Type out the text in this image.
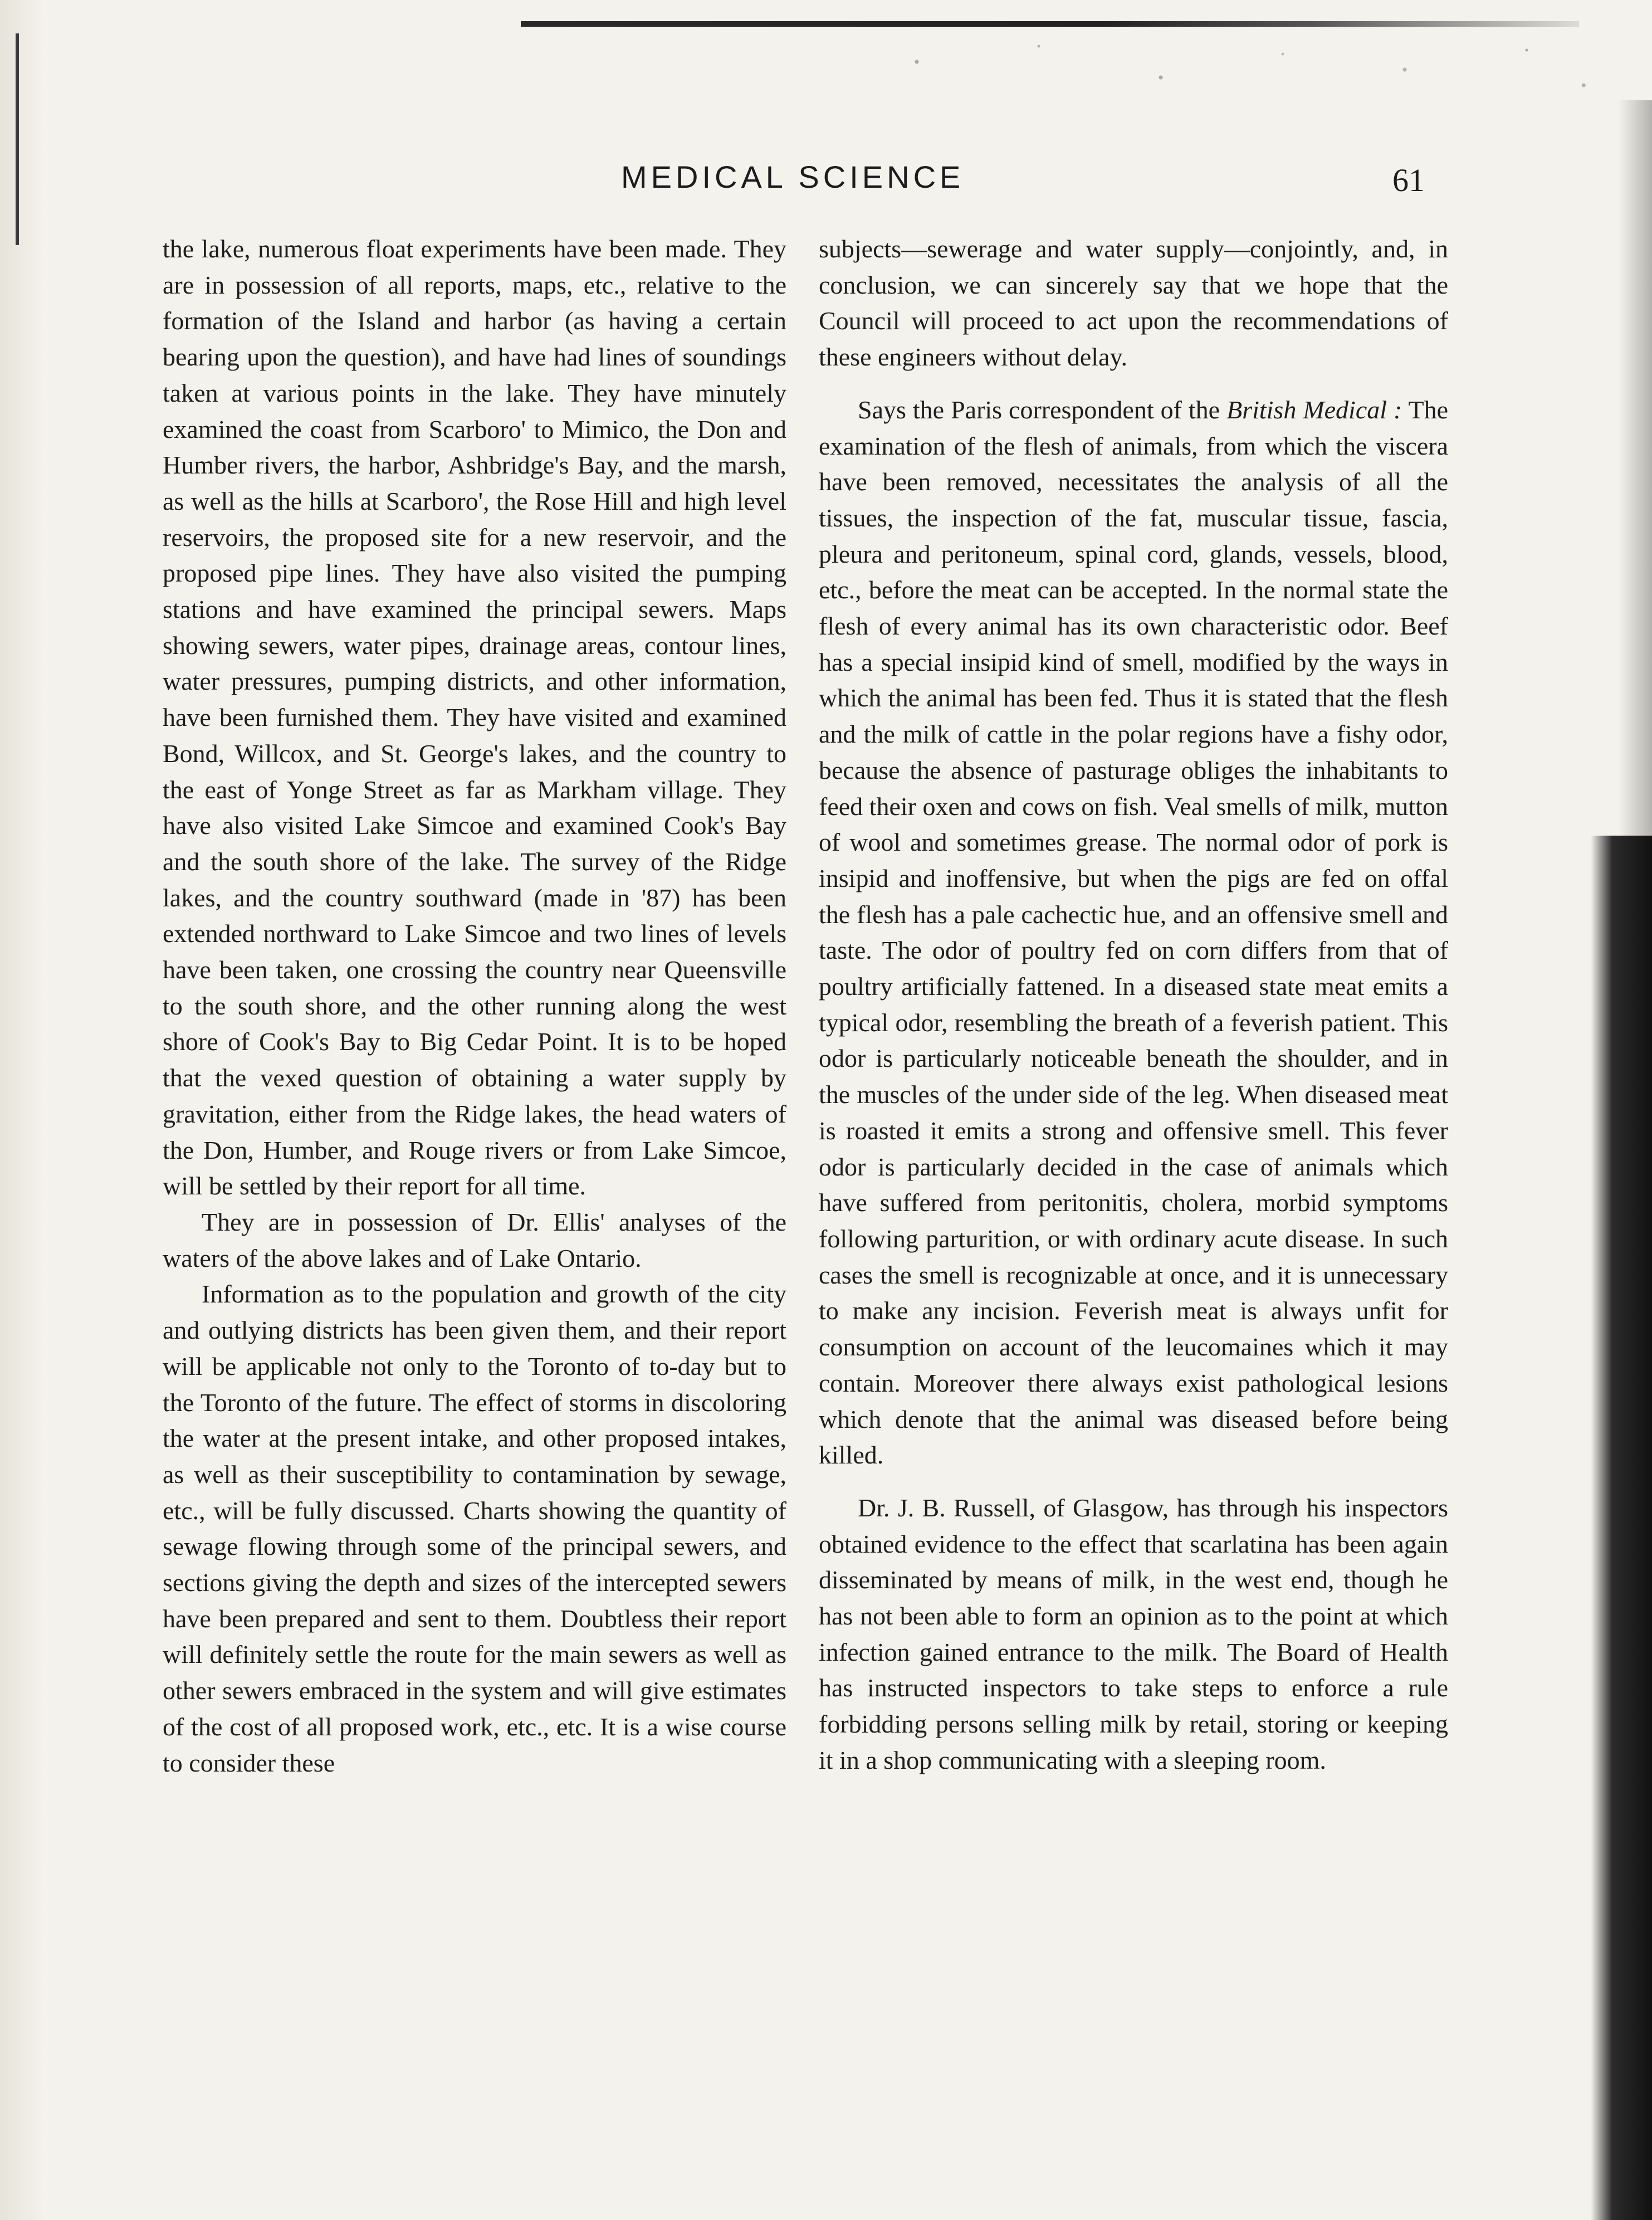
MEDICAL SCIENCE	61

the lake, numerous float experiments have been made. They are in possession of all reports, maps, etc., relative to the formation of the Island and harbor (as having a certain bearing upon the question), and have had lines of soundings taken at various points in the lake. They have minutely examined the coast from Scarboro' to Mimico, the Don and Humber rivers, the harbor, Ashbridge's Bay, and the marsh, as well as the hills at Scarboro', the Rose Hill and high level reservoirs, the proposed site for a new reservoir, and the proposed pipe lines. They have also visited the pumping stations and have examined the principal sewers. Maps showing sewers, water pipes, drainage areas, contour lines, water pressures, pumping districts, and other information, have been furnished them. They have visited and examined Bond, Willcox, and St. George's lakes, and the country to the east of Yonge Street as far as Markham village. They have also visited Lake Simcoe and examined Cook's Bay and the south shore of the lake. The survey of the Ridge lakes, and the country southward (made in '87) has been extended northward to Lake Simcoe and two lines of levels have been taken, one crossing the country near Queensville to the south shore, and the other running along the west shore of Cook's Bay to Big Cedar Point. It is to be hoped that the vexed question of obtaining a water supply by gravitation, either from the Ridge lakes, the head waters of the Don, Humber, and Rouge rivers or from Lake Simcoe, will be settled by their report for all time.

They are in possession of Dr. Ellis' analyses of the waters of the above lakes and of Lake Ontario.

Information as to the population and growth of the city and outlying districts has been given them, and their report will be applicable not only to the Toronto of to-day but to the Toronto of the future. The effect of storms in discoloring the water at the present intake, and other proposed intakes, as well as their susceptibility to contamination by sewage, etc., will be fully discussed. Charts showing the quantity of sewage flowing through some of the principal sewers, and sections giving the depth and sizes of the intercepted sewers have been prepared and sent to them. Doubtless their report will definitely settle the route for the main sewers as well as other sewers embraced in the system and will give estimates of the cost of all proposed work, etc., etc. It is a wise course to consider these

subjects—sewerage and water supply—conjointly, and, in conclusion, we can sincerely say that we hope that the Council will proceed to act upon the recommendations of these engineers without delay.

Says the Paris correspondent of the British Medical : The examination of the flesh of animals, from which the viscera have been removed, necessitates the analysis of all the tissues, the inspection of the fat, muscular tissue, fascia, pleura and peritoneum, spinal cord, glands, vessels, blood, etc., before the meat can be accepted. In the normal state the flesh of every animal has its own characteristic odor. Beef has a special insipid kind of smell, modified by the ways in which the animal has been fed. Thus it is stated that the flesh and the milk of cattle in the polar regions have a fishy odor, because the absence of pasturage obliges the inhabitants to feed their oxen and cows on fish. Veal smells of milk, mutton of wool and sometimes grease. The normal odor of pork is insipid and inoffensive, but when the pigs are fed on offal the flesh has a pale cachectic hue, and an offensive smell and taste. The odor of poultry fed on corn differs from that of poultry artificially fattened. In a diseased state meat emits a typical odor, resembling the breath of a feverish patient. This odor is particularly noticeable beneath the shoulder, and in the muscles of the under side of the leg. When diseased meat is roasted it emits a strong and offensive smell. This fever odor is particularly decided in the case of animals which have suffered from peritonitis, cholera, morbid symptoms following parturition, or with ordinary acute disease. In such cases the smell is recognizable at once, and it is unnecessary to make any incision. Feverish meat is always unfit for consumption on account of the leucomaines which it may contain. Moreover there always exist pathological lesions which denote that the animal was diseased before being killed.

Dr. J. B. Russell, of Glasgow, has through his inspectors obtained evidence to the effect that scarlatina has been again disseminated by means of milk, in the west end, though he has not been able to form an opinion as to the point at which infection gained entrance to the milk. The Board of Health has instructed inspectors to take steps to enforce a rule forbidding persons selling milk by retail, storing or keeping it in a shop communicating with a sleeping room.
